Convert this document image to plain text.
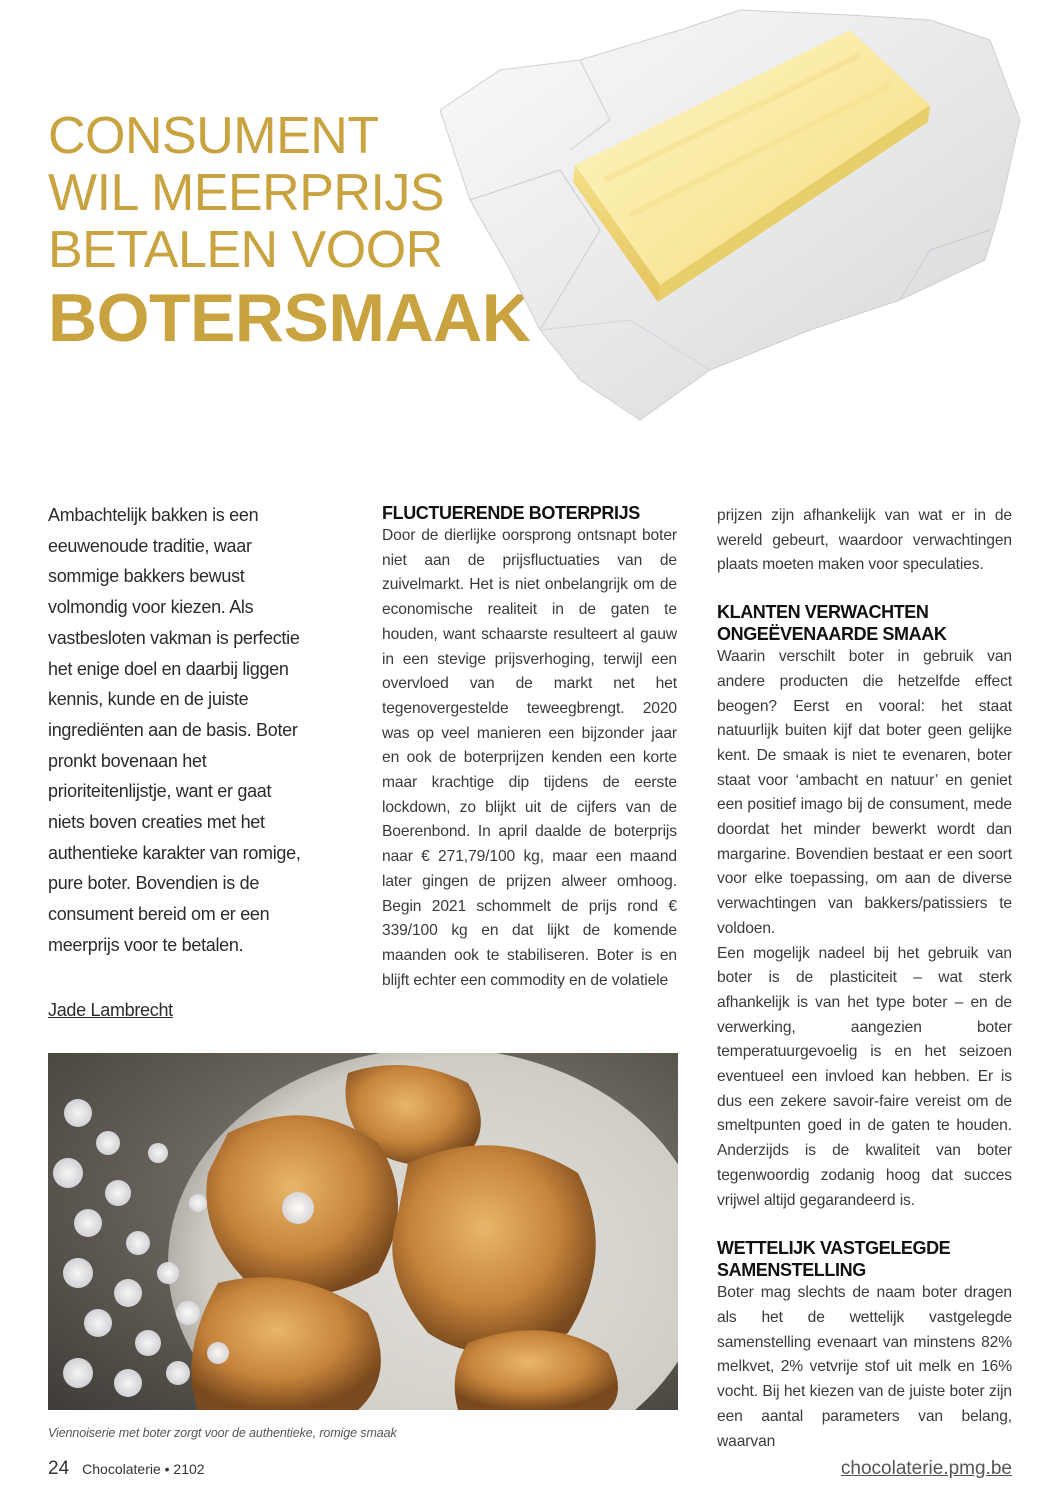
CONSUMENT
WIL MEERPRIJS
BETALEN VOOR
BOTERSMAAK

Ambachtelijk bakken is een eeuwenoude traditie, waar sommige bakkers bewust volmondig voor kiezen. Als vastbesloten vakman is perfectie het enige doel en daarbij liggen kennis, kunde en de juiste ingrediënten aan de basis. Boter pronkt bovenaan het prioriteitenlijstje, want er gaat niets boven creaties met het authentieke karakter van romige, pure boter. Bovendien is de consument bereid om er een meerprijs voor te betalen.

Jade Lambrecht
FLUCTUERENDE BOTERPRIJS

Door de dierlijke oorsprong ontsnapt boter niet aan de prijsfluctuaties van de zuivelmarkt. Het is niet onbelangrijk om de economische realiteit in de gaten te houden, want schaarste resulteert al gauw in een stevige prijsverhoging, terwijl een overvloed van de markt net het tegenovergestelde teweegbrengt. 2020 was op veel manieren een bijzonder jaar en ook de boterprijzen kenden een korte maar krachtige dip tijdens de eerste lockdown, zo blijkt uit de cijfers van de Boerenbond. In april daalde de boterprijs naar € 271,79/100 kg, maar een maand later gingen de prijzen alweer omhoog. Begin 2021 schommelt de prijs rond € 339/100 kg en dat lijkt de komende maanden ook te stabiliseren. Boter is en blijft echter een commodity en de volatiele

prijzen zijn afhankelijk van wat er in de wereld gebeurt, waardoor verwachtingen plaats moeten maken voor speculaties.

KLANTEN VERWACHTEN ONGEËVENAARDE SMAAK

Waarin verschilt boter in gebruik van andere producten die hetzelfde effect beogen? Eerst en vooral: het staat natuurlijk buiten kijf dat boter geen gelijke kent. De smaak is niet te evenaren, boter staat voor ‘ambacht en natuur’ en geniet een positief imago bij de consument, mede doordat het minder bewerkt wordt dan margarine. Bovendien bestaat er een soort voor elke toepassing, om aan de diverse verwachtingen van bakkers/patissiers te voldoen.

Een mogelijk nadeel bij het gebruik van boter is de plasticiteit – wat sterk afhankelijk is van het type boter – en de verwerking, aangezien boter temperatuurgevoelig is en het seizoen eventueel een invloed kan hebben. Er is dus een zekere savoir-faire vereist om de smeltpunten goed in de gaten te houden. Anderzijds is de kwaliteit van boter tegenwoordig zodanig hoog dat succes vrijwel altijd gegarandeerd is.

WETTELIJK VASTGELEGDE SAMENSTELLING

Boter mag slechts de naam boter dragen als het de wettelijk vastgelegde samenstelling evenaart van minstens 82% melkvet, 2% vetvrije stof uit melk en 16% vocht. Bij het kiezen van de juiste boter zijn een aantal parameters van belang, waarvan

Viennoiserie met boter zorgt voor de authentieke, romige smaak

24 Chocolaterie • 2102	chocolaterie.pmg.be
